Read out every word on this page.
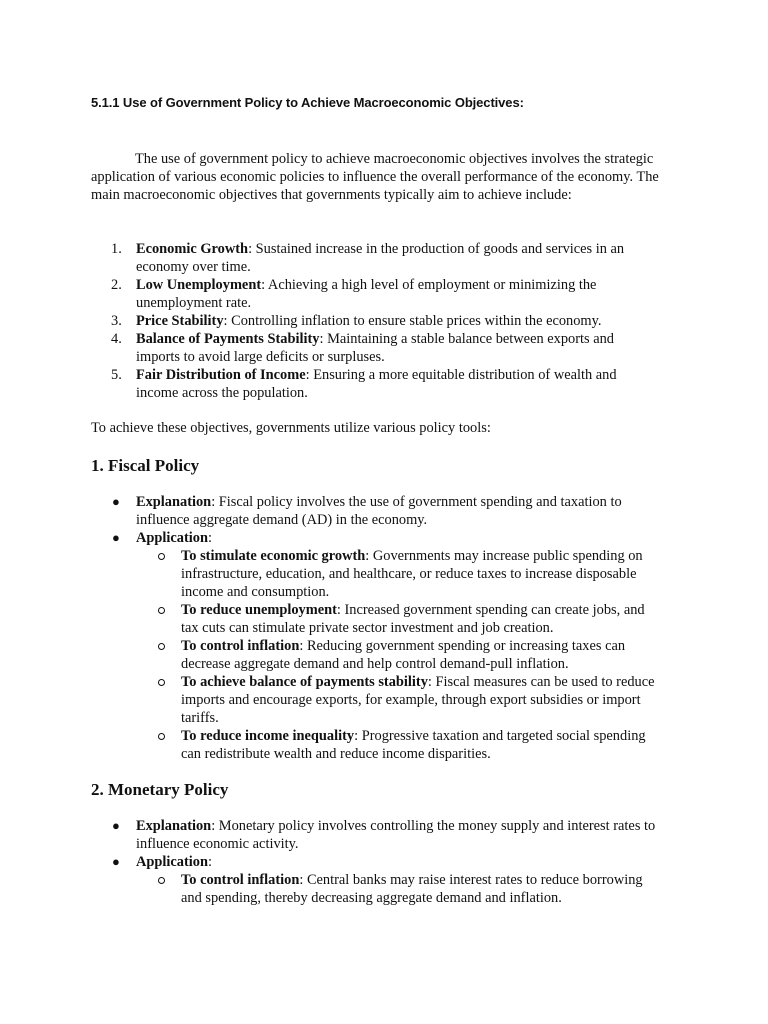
5.1.1 Use of Government Policy to Achieve Macroeconomic Objectives:

The use of government policy to achieve macroeconomic objectives involves the strategic application of various economic policies to influence the overall performance of the economy. The main macroeconomic objectives that governments typically aim to achieve include:

1. Economic Growth: Sustained increase in the production of goods and services in an economy over time.
2. Low Unemployment: Achieving a high level of employment or minimizing the unemployment rate.
3. Price Stability: Controlling inflation to ensure stable prices within the economy.
4. Balance of Payments Stability: Maintaining a stable balance between exports and imports to avoid large deficits or surpluses.
5. Fair Distribution of Income: Ensuring a more equitable distribution of wealth and income across the population.

To achieve these objectives, governments utilize various policy tools:

1. Fiscal Policy
● Explanation: Fiscal policy involves the use of government spending and taxation to influence aggregate demand (AD) in the economy.
● Application:
To stimulate economic growth: Governments may increase public spending on infrastructure, education, and healthcare, or reduce taxes to increase disposable income and consumption.
To reduce unemployment: Increased government spending can create jobs, and tax cuts can stimulate private sector investment and job creation.
To control inflation: Reducing government spending or increasing taxes can decrease aggregate demand and help control demand-pull inflation.
To achieve balance of payments stability: Fiscal measures can be used to reduce imports and encourage exports, for example, through export subsidies or import tariffs.
To reduce income inequality: Progressive taxation and targeted social spending can redistribute wealth and reduce income disparities.
2. Monetary Policy
● Explanation: Monetary policy involves controlling the money supply and interest rates to influence economic activity.
● Application:
To control inflation: Central banks may raise interest rates to reduce borrowing and spending, thereby decreasing aggregate demand and inflation.
